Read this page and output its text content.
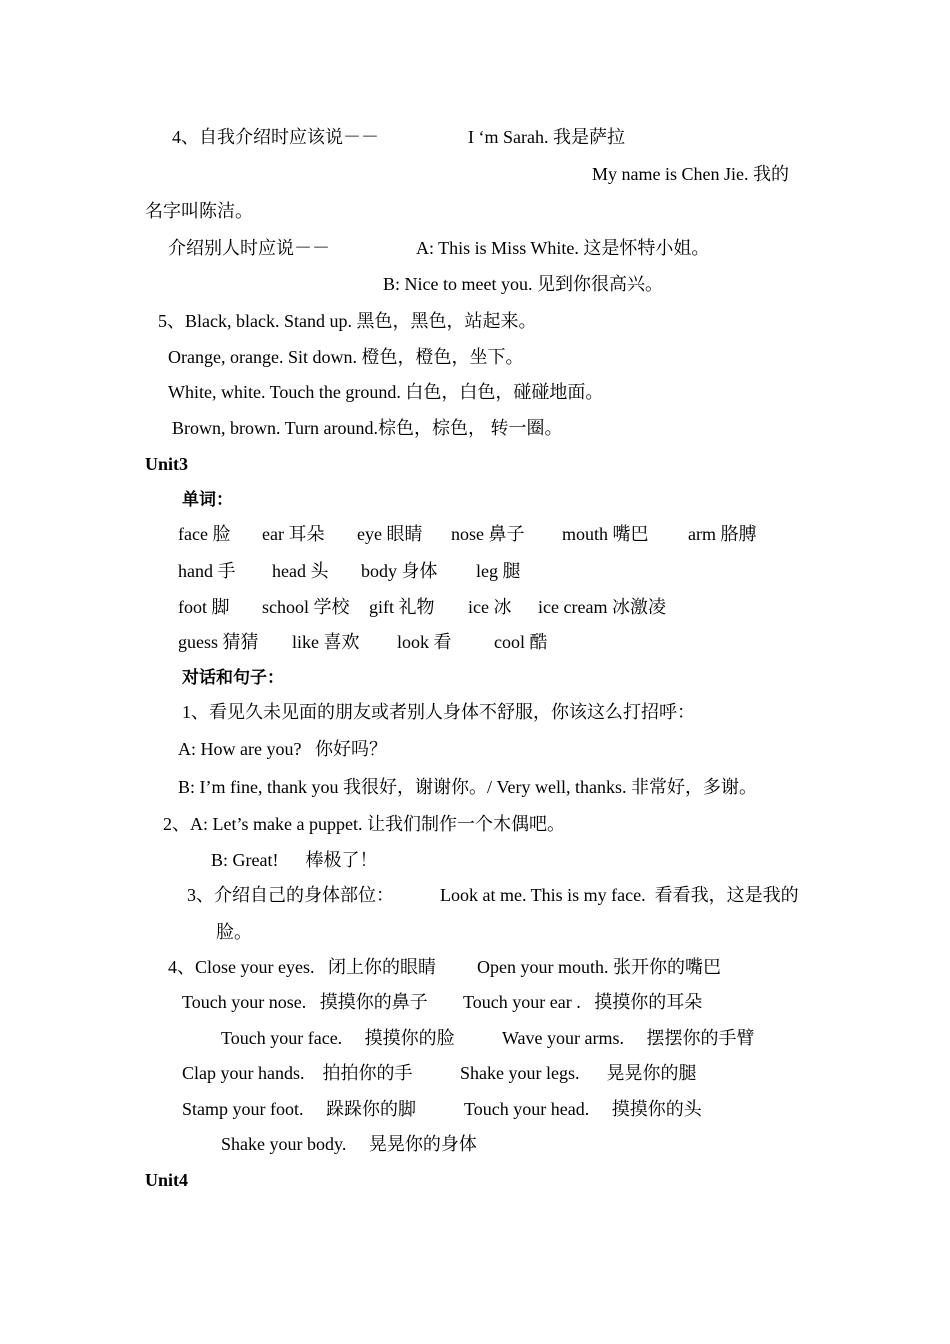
4、自我介绍时应该说－－	I ‘m Sarah. 我是萨拉
My name is Chen Jie. 我的
名字叫陈洁。
介绍别人时应说－－	A: This is Miss White. 这是怀特小姐。
B: Nice to meet you. 见到你很高兴。
5、Black, black. Stand up. 黑色，黑色，站起来。
Orange, orange. Sit down. 橙色，橙色，坐下。
White, white. Touch the ground. 白色，白色，碰碰地面。
Brown, brown. Turn around.棕色，棕色， 转一圈。
Unit3
单词：
face 脸 ear 耳朵 eye 眼睛 nose 鼻子 mouth 嘴巴 arm 胳膊
hand 手 head 头 body 身体 leg 腿
foot 脚 school 学校 gift 礼物 ice 冰 ice cream 冰激凌
guess 猜猜 like 喜欢 look 看 cool 酷
对话和句子：
1、看见久未见面的朋友或者别人身体不舒服，你该这么打招呼：
A: How are you?   你好吗？
B: I’m fine, thank you 我很好，谢谢你。/ Very well, thanks. 非常好，多谢。
2、A: Let’s make a puppet. 让我们制作一个木偶吧。
B: Great!      棒极了！
3、介绍自己的身体部位：	Look at me. This is my face.  看看我，这是我的
脸。
4、Close your eyes.   闭上你的眼睛 Open your mouth. 张开你的嘴巴
Touch your nose.   摸摸你的鼻子 Touch your ear .   摸摸你的耳朵
Touch your face.     摸摸你的脸	Wave your arms.     摆摆你的手臂
Clap your hands.    拍拍你的手	Shake your legs.      晃晃你的腿
Stamp your foot.     跺跺你的脚	Touch your head.     摸摸你的头
Shake your body.     晃晃你的身体
Unit4
